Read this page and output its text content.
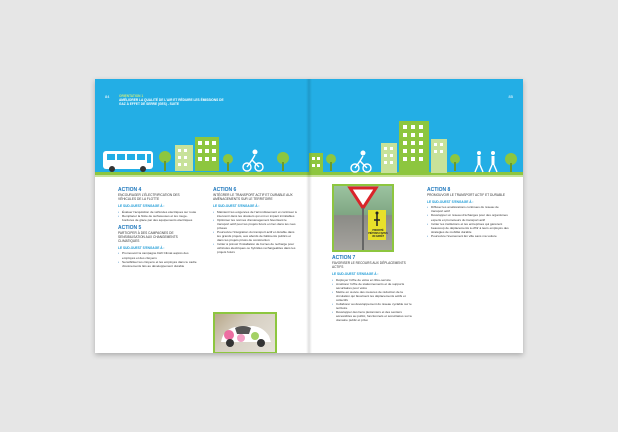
84	ORIENTATION 1
AMÉLIORER LA QUALITÉ DE L'AIR ET RÉDUIRE LES ÉMISSIONS DE GAZ À EFFET DE SERRE (GES) - SUITE
ACTION 4
ENCOURAGER L'ÉLECTRIFICATION DES VÉHICULES DE LA FLOTTE
LE SUD-OUEST S'ENGAGE À :
• Évaluer l'acquisition de véhicules électriques sur route
• Remplacer la flotte de surfaceuses et les rouge-bordures de glace par des équipements électriques
ACTION 5
PARTICIPER À DES CAMPAGNES DE SENSIBILISATION AUX CHANGEMENTS CLIMATIQUES
LE SUD-OUEST S'ENGAGE À :
• Promouvoir la campagne Défi Climat auprès des employés et des citoyens
• Sensibiliser les citoyens et les employés dans le cadre d'événements liés au développement durable
ACTION 6
INTÉGRER LE TRANSPORT ACTIF ET DURABLE AUX AMÉNAGEMENTS SUR LE TERRITOIRE
LE SUD-OUEST S'ENGAGE À :
• Maintenir les exigences de l'arrondissement et continuer à intervenir dans les dossiers qui ont un impact inimitables
• Optimiser les normes d'aménagement favorisant le transport actif pour les projets futurs en lien dans les rues privées
• Poursuivre l'intégration du transport actif et durable dans les grands projets, aux abords de bâtiments publics et dans les projets privés de construction
• Inciter à prévoir l'installation de bornes de recharge pour véhicules électriques ou hybrides rechargeables dans les projets futurs
85
PRIORITÉ PIÉTONS FAITES UN ARRÊT
ACTION 7
FAVORISER LE RECOURS AUX DÉPLACEMENTS ACTIFS
LE SUD-OUEST S'ENGAGE À :
• Déployer l'offre de vélos en libre-service
• Améliorer l'offre de stationnements et de supports sécuritaires pour vélos
• Mettre en œuvre des mesures de réduction de la circulation qui favorisent les déplacements actifs et collectifs
• Collaborer au développement du réseau cyclable sur le territoire
• Développer des liens piétonniers et des sentiers accessibles au public, fonctionnels et sécuritaires sur le domaine public et privé
ACTION 8
PROMOUVOIR LE TRANSPORT ACTIF ET DURABLE
LE SUD-OUEST S'ENGAGE À :
• Diffuser les améliorations continues du réseau de transport actif
• Développer un réseau d'échanges pour des organismes experts et promoteurs du transport actif
• Inciter les institutions et les entreprises qui génèrent beaucoup de déplacements à offrir à leurs employés des stratégies de mobilité durable
• Poursuivre l'événement En ville sans ma voiture
